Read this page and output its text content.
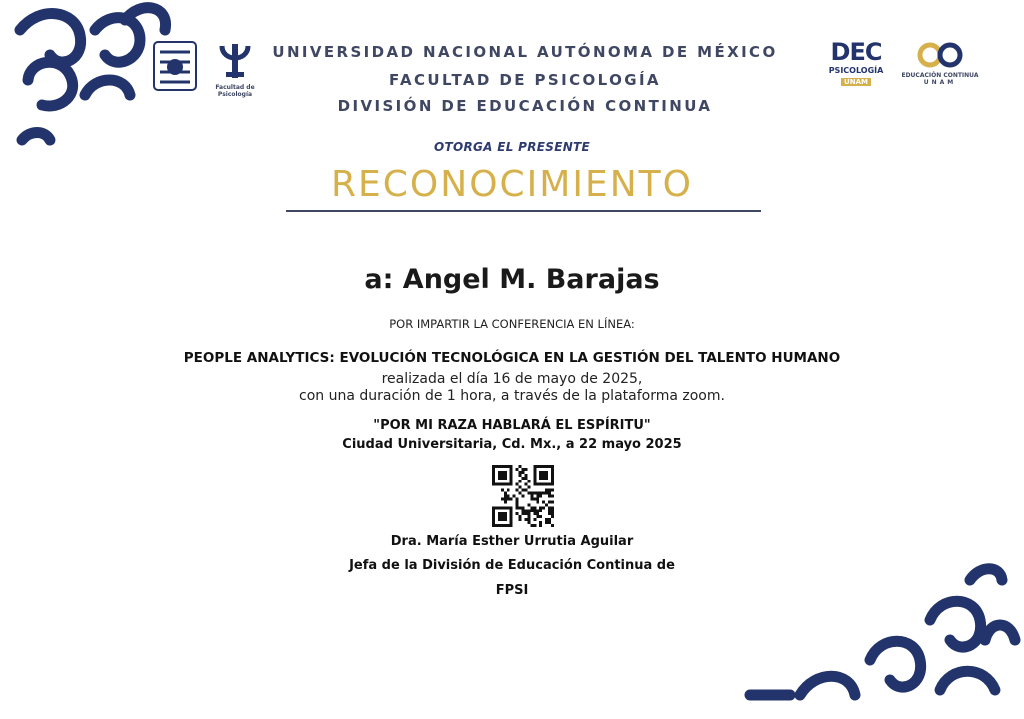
Facultad de Psicología
UNIVERSIDAD NACIONAL AUTÓNOMA DE MÉXICO
FACULTAD DE PSICOLOGÍA
DIVISIÓN DE EDUCACIÓN CONTINUA
DEC
PSICOLOGÍA
UNAM
EDUCACIÓN CONTINUA
UNAM
OTORGA EL PRESENTE
RECONOCIMIENTO
a: Angel M. Barajas
POR IMPARTIR LA CONFERENCIA EN LÍNEA:
PEOPLE ANALYTICS: EVOLUCIÓN TECNOLÓGICA EN LA GESTIÓN DEL TALENTO HUMANO
realizada el día 16 de mayo de 2025,
con una duración de 1 hora, a través de la plataforma zoom.
"POR MI RAZA HABLARÁ EL ESPÍRITU"
Ciudad Universitaria, Cd. Mx., a 22 mayo 2025
Dra. María Esther Urrutia Aguilar
Jefa de la División de Educación Continua de
FPSI
